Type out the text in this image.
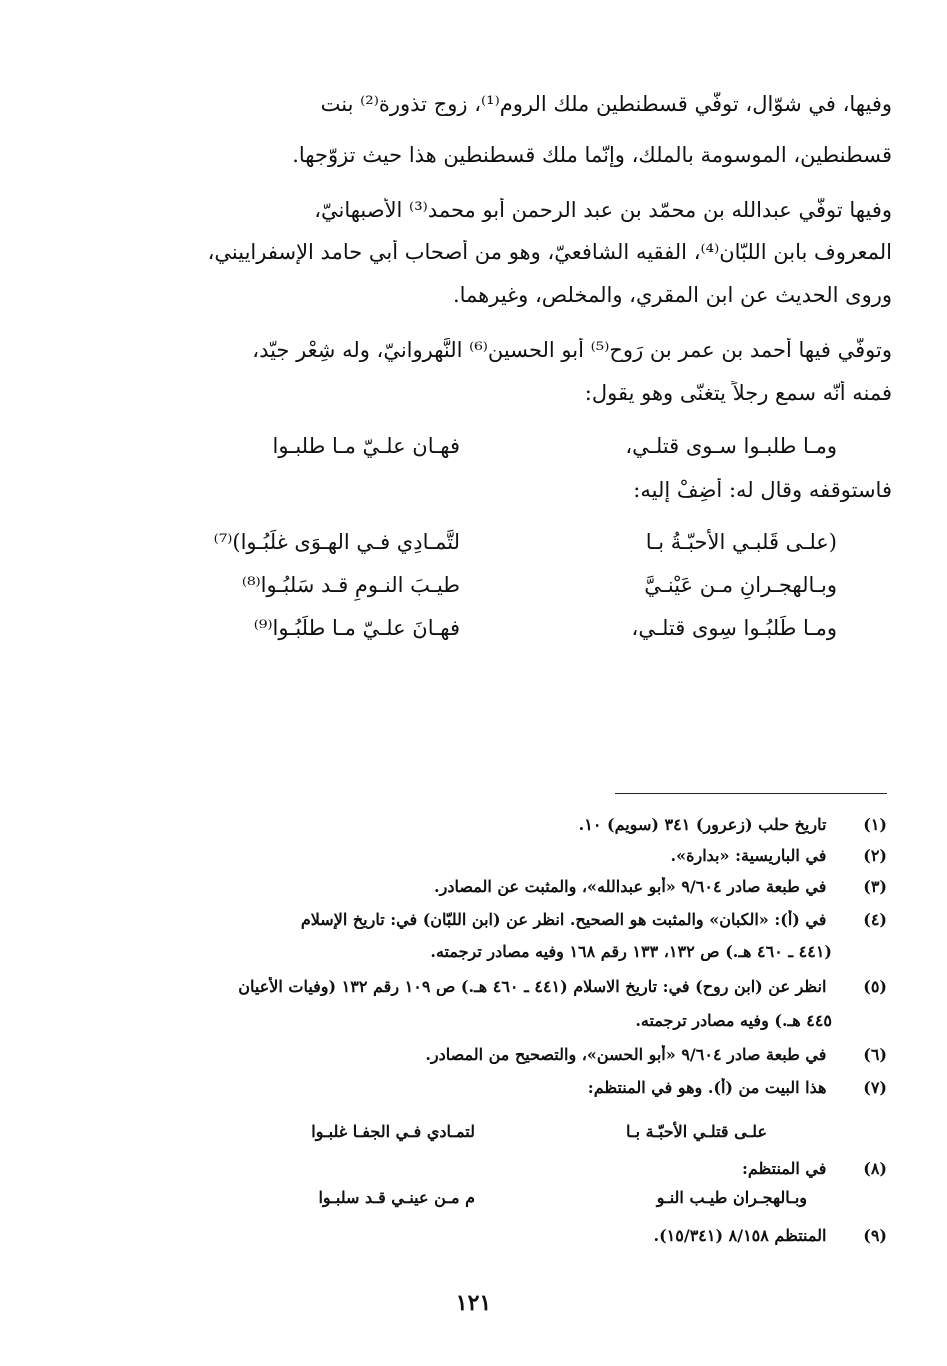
وفيها، في شوّال، توفّي قسطنطين ملك الروم⁽¹⁾، زوج تذورة⁽²⁾ بنت
قسطنطين، الموسومة بالملك، وإنّما ملك قسطنطين هذا حيث تزوّجها.
وفيها توفّي عبدالله بن محمّد بن عبد الرحمن أبو محمد⁽³⁾ الأصبهانيّ،
المعروف بابن اللبّان⁽⁴⁾، الفقيه الشافعيّ، وهو من أصحاب أبي حامد الإسفراييني،
وروى الحديث عن ابن المقري، والمخلص، وغيرهما.
وتوفّي فيها أحمد بن عمر بن رَوح⁽⁵⁾ أبو الحسين⁽⁶⁾ النَّهروانيّ، وله شِعْر جيّد،
فمنه أنّه سمع رجلاً يتغنّى وهو يقول:
ومـا طلبـوا سـوى قتلـي،
فهـان علـيّ مـا طلبـوا
فاستوقفه وقال له: أضِفْ إليه:
(علـى قَلبـي الأحبّـةُ بـا
لتَّمـادِي فـي الهـوَى غلَبُـوا)⁽⁷⁾
وبـالهجـرانِ مـن عَيْنـيَّ
طيـبَ النـومِ قـد سَلبُـوا⁽⁸⁾
ومـا طَلبُـوا سِوى قتلـي،
فهـانَ علـيّ مـا طلَبُـوا⁽⁹⁾
(١) تاريخ حلب (زعرور) ٣٤١ (سويم) ١٠.
(٢) في الباريسية: «بدارة».
(٣) في طبعة صادر ٩/٦٠٤ «أبو عبدالله»، والمثبت عن المصادر.
(٤) في (أ): «الكبان» والمثبت هو الصحيح. انظر عن (ابن اللبّان) في: تاريخ الإسلام
(٤٤١ ـ ٤٦٠ هـ.) ص ١٣٢، ١٣٣ رقم ١٦٨ وفيه مصادر ترجمته.
(٥) انظر عن (ابن روح) في: تاريخ الاسلام (٤٤١ ـ ٤٦٠ هـ.) ص ١٠٩ رقم ١٣٢ (وفيات الأعيان
٤٤٥ هـ.) وفيه مصادر ترجمته.
(٦) في طبعة صادر ٩/٦٠٤ «أبو الحسن»، والتصحيح من المصادر.
(٧) هذا البيت من (أ). وهو في المنتظم:
علـى قتلـي الأحبّـة بـا
لتمـادي فـي الجفـا غلبـوا
(٨) في المنتظم:
وبـالهجـران طيـب النـو
م مـن عينـي قـد سلبـوا
(٩) المنتظم ٨/١٥٨ (١٥/٣٤١).
١٢١
